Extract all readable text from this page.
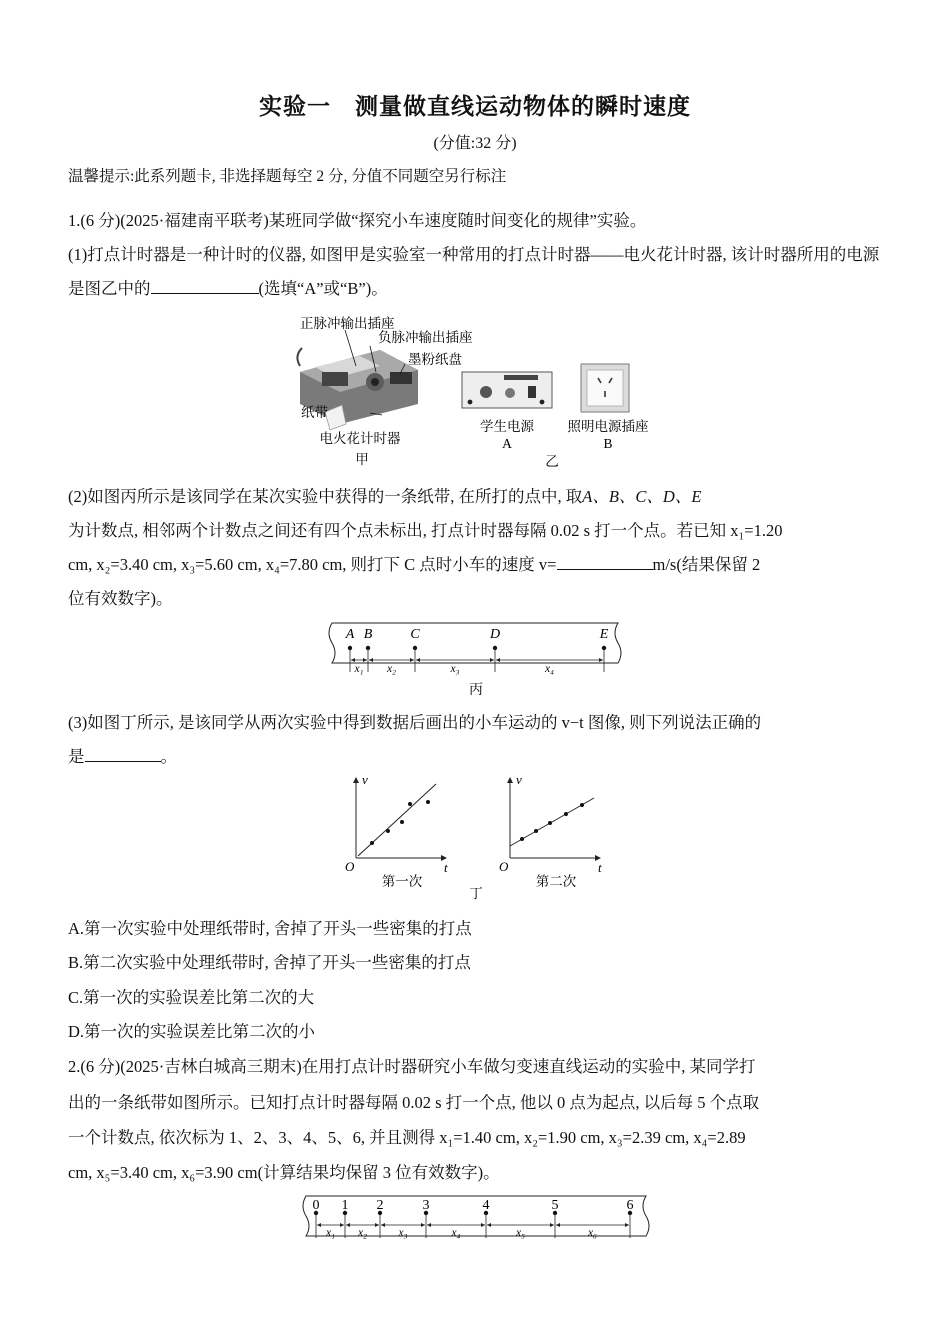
实验一　测量做直线运动物体的瞬时速度
(分值:32 分)
温馨提示:此系列题卡, 非选择题每空 2 分, 分值不同题空另行标注

1.(6 分)(2025·福建南平联考)某班同学做“探究小车速度随时间变化的规律”实验。

(1)打点计时器是一种计时的仪器, 如图甲是实验室一种常用的打点计时器——电火花计时器, 该计时器所用的电源是图乙中的	(选填“A”或“B”)。

正脉冲输出插座
负脉冲输出插座
墨粉纸盘
纸带
电火花计时器
甲
学生电源
A
照明电源插座
B
乙

(2)如图丙所示是该同学在某次实验中获得的一条纸带, 在所打的点中, 取A、B、C、D、E

为计数点, 相邻两个计数点之间还有四个点未标出, 打点计时器每隔 0.02 s 打一个点。若已知 x₁=1.20

cm, x₂=3.40 cm, x₃=5.60 cm, x₄=7.80 cm, 则打下 C 点时小车的速度 v=	m/s(结果保留 2

位有效数字)。

A B	C	D	E
x₁ x₂	x₃	x₄
丙

(3)如图丁所示, 是该同学从两次实验中得到数据后画出的小车运动的 v−t 图像, 则下列说法正确的

是	。

v
t
O
第一次
v
t
O
第二次
丁

A.第一次实验中处理纸带时, 舍掉了开头一些密集的打点

B.第二次实验中处理纸带时, 舍掉了开头一些密集的打点

C.第一次的实验误差比第二次的大

D.第一次的实验误差比第二次的小

2.(6 分)(2025·吉林白城高三期末)在用打点计时器研究小车做匀变速直线运动的实验中, 某同学打

出的一条纸带如图所示。已知打点计时器每隔 0.02 s 打一个点, 他以 0 点为起点, 以后每 5 个点取

一个计数点, 依次标为 1、2、3、4、5、6, 并且测得 x₁=1.40 cm, x₂=1.90 cm, x₃=2.39 cm, x₄=2.89

cm, x₅=3.40 cm, x₆=3.90 cm(计算结果均保留 3 位有效数字)。

0 1 2	3	4	5	6
x₁ x₂	x₃	x₄	x₅	x₆
